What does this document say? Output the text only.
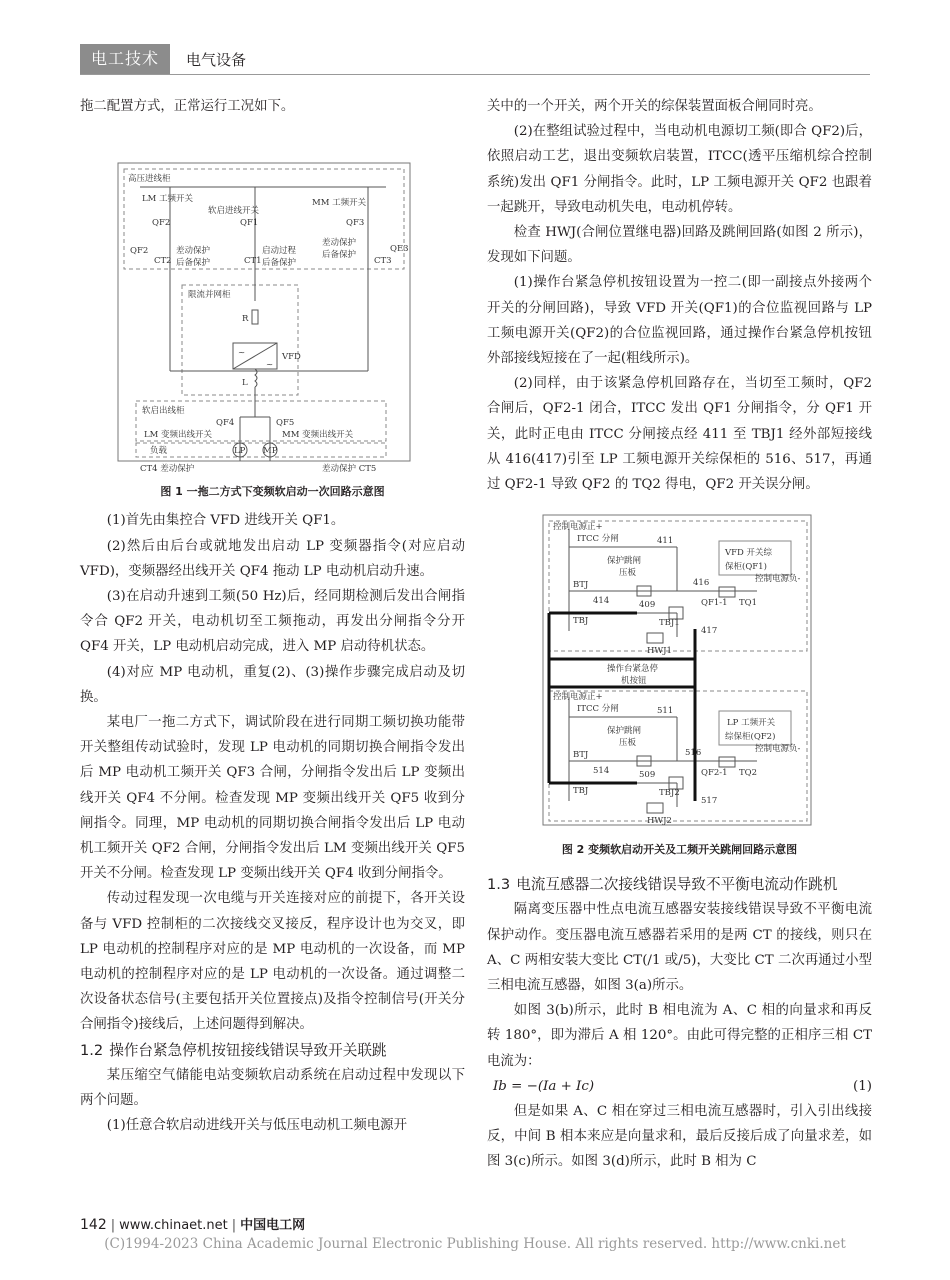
电工技术	电气设备

拖二配置方式，正常运行工况如下。

高压进线柜
LM 工频开关
软启进线开关
MM 工频开关
QF2	QF1	QF3
QF2	QE3
CT2	CT1	CT3
差动保护
后备保护
启动过程
后备保护
差动保护
后备保护
限流并网柜
R
~
~
VFD
L
软启出线柜
QF4	QF5
LM 变频出线开关	MM 变频出线开关
负载	LP MP
CT4 差动保护	差动保护 CT5
图 1 一拖二方式下变频软启动一次回路示意图

(1)首先由集控合 VFD 进线开关 QF1。

(2)然后由后台或就地发出启动 LP 变频器指令(对应启动 VFD)，变频器经出线开关 QF4 拖动 LP 电动机启动升速。

(3)在启动升速到工频(50 Hz)后，经同期检测后发出合闸指令合 QF2 开关，电动机切至工频拖动，再发出分闸指令分开 QF4 开关，LP 电动机启动完成，进入 MP 启动待机状态。

(4)对应 MP 电动机，重复(2)、(3)操作步骤完成启动及切换。

某电厂一拖二方式下，调试阶段在进行同期工频切换功能带开关整组传动试验时，发现 LP 电动机的同期切换合闸指令发出后 MP 电动机工频开关 QF3 合闸，分闸指令发出后 LP 变频出线开关 QF4 不分闸。检查发现 MP 变频出线开关 QF5 收到分闸指令。同理，MP 电动机的同期切换合闸指令发出后 LP 电动机工频开关 QF2 合闸，分闸指令发出后 LM 变频出线开关 QF5 开关不分闸。检查发现 LP 变频出线开关 QF4 收到分闸指令。

传动过程发现一次电缆与开关连接对应的前提下，各开关设备与 VFD 控制柜的二次接线交叉接反，程序设计也为交叉，即 LP 电动机的控制程序对应的是 MP 电动机的一次设备，而 MP 电动机的控制程序对应的是 LP 电动机的一次设备。通过调整二次设备状态信号(主要包括开关位置接点)及指令控制信号(开关分合闸指令)接线后，上述问题得到解决。

1.2 操作台紧急停机按钮接线错误导致开关联跳

某压缩空气储能电站变频软启动系统在启动过程中发现以下两个问题。

(1)任意合软启动进线开关与低压电动机工频电源开

关中的一个开关，两个开关的综保装置面板合闸同时亮。

(2)在整组试验过程中，当电动机电源切工频(即合 QF2)后，依照启动工艺，退出变频软启装置，ITCC(透平压缩机综合控制系统)发出 QF1 分闸指令。此时，LP 工频电源开关 QF2 也跟着一起跳开，导致电动机失电，电动机停转。

检查 HWJ(合闸位置继电器)回路及跳闸回路(如图 2 所示)，发现如下问题。

(1)操作台紧急停机按钮设置为一控二(即一副接点外接两个开关的分闸回路)，导致 VFD 开关(QF1)的合位监视回路与 LP 工频电源开关(QF2)的合位监视回路，通过操作台紧急停机按钮外部接线短接在了一起(粗线所示)。

(2)同样，由于该紧急停机回路存在，当切至工频时，QF2 合闸后，QF2-1 闭合，ITCC 发出 QF1 分闸指令，分 QF1 开关，此时正电由 ITCC 分闸接点经 411 至 TBJ1 经外部短接线从 416(417)引至 LP 工频电源开关综保柜的 516、517，再通过 QF2-1 导致 QF2 的 TQ2 得电，QF2 开关误分闸。

控制电源正+
ITCC 分闸	411
VFD 开关综
保柜(QF1)
保护跳闸
压板
BTJ
414	409
416	控制电源负-
TBJ	TBJ1
QF1-1 TQ1
417
HWJ1
操作台紧急停
机按钮
控制电源正+
ITCC 分闸	511
LP 工频开关
综保柜(QF2)
保护跳闸
压板
BTJ
514	509
516	控制电源负-
TBJ	TBJ2
QF2-1 TQ2
517
HWJ2
图 2 变频软启动开关及工频开关跳闸回路示意图
1.3 电流互感器二次接线错误导致不平衡电流动作跳机

隔离变压器中性点电流互感器安装接线错误导致不平衡电流保护动作。变压器电流互感器若采用的是两 CT 的接线，则只在 A、C 两相安装大变比 CT(/1 或/5)，大变比 CT 二次再通过小型三相电流互感器，如图 3(a)所示。

如图 3(b)所示，此时 B 相电流为 A、C 相的向量求和再反转 180°，即为滞后 A 相 120°。由此可得完整的正相序三相 CT 电流为：

Ib = −(Ia + Ic)	(1)

但是如果 A、C 相在穿过三相电流互感器时，引入引出线接反，中间 B 相本来应是向量求和，最后反接后成了向量求差，如图 3(c)所示。如图 3(d)所示，此时 B 相为 C

142 | www.chinaet.net | 中国电工网
(C)1994-2023 China Academic Journal Electronic Publishing House. All rights reserved. http://www.cnki.net
